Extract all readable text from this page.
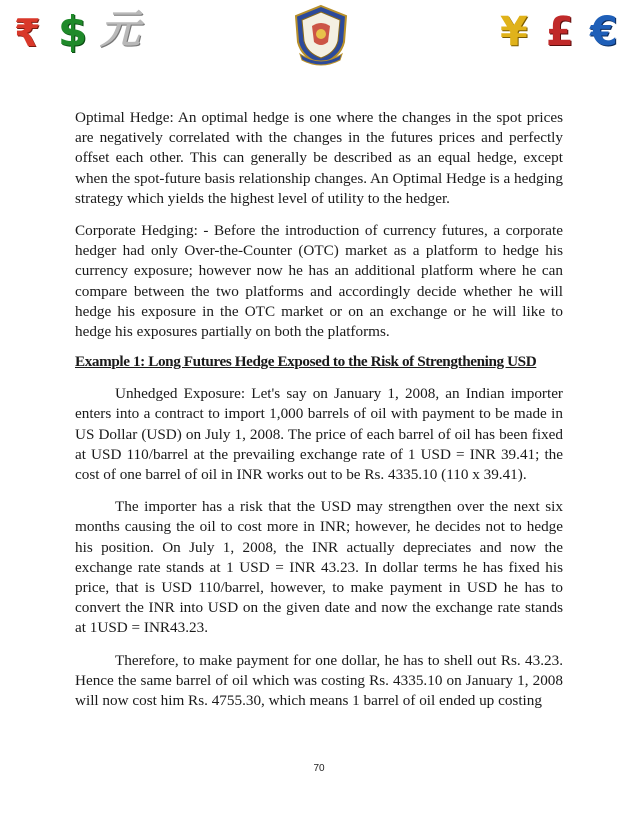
₹ $ 元	¥ £ €

Optimal Hedge: An optimal hedge is one where the changes in the spot prices are negatively correlated with the changes in the futures prices and perfectly offset each other. This can generally be described as an equal hedge, except when the spot-future basis relationship changes. An Optimal Hedge is a hedging strategy which yields the highest level of utility to the hedger.

Corporate Hedging: - Before the introduction of currency futures, a corporate hedger had only Over-the-Counter (OTC) market as a platform to hedge his currency exposure; however now he has an additional platform where he can compare between the two platforms and accordingly decide whether he will hedge his exposure in the OTC market or on an exchange or he will like to hedge his exposures partially on both the platforms.

Example 1: Long Futures Hedge Exposed to the Risk of Strengthening USD

Unhedged Exposure: Let's say on January 1, 2008, an Indian importer enters into a contract to import 1,000 barrels of oil with payment to be made in US Dollar (USD) on July 1, 2008. The price of each barrel of oil has been fixed at USD 110/barrel at the prevailing exchange rate of 1 USD = INR 39.41; the cost of one barrel of oil in INR works out to be Rs. 4335.10 (110 x 39.41).

The importer has a risk that the USD may strengthen over the next six months causing the oil to cost more in INR; however, he decides not to hedge his position. On July 1, 2008, the INR actually depreciates and now the exchange rate stands at 1 USD = INR 43.23. In dollar terms he has fixed his price, that is USD 110/barrel, however, to make payment in USD he has to convert the INR into USD on the given date and now the exchange rate stands at 1USD = INR43.23.

Therefore, to make payment for one dollar, he has to shell out Rs. 43.23. Hence the same barrel of oil which was costing Rs. 4335.10 on January 1, 2008 will now cost him Rs. 4755.30, which means 1 barrel of oil ended up costing

70
